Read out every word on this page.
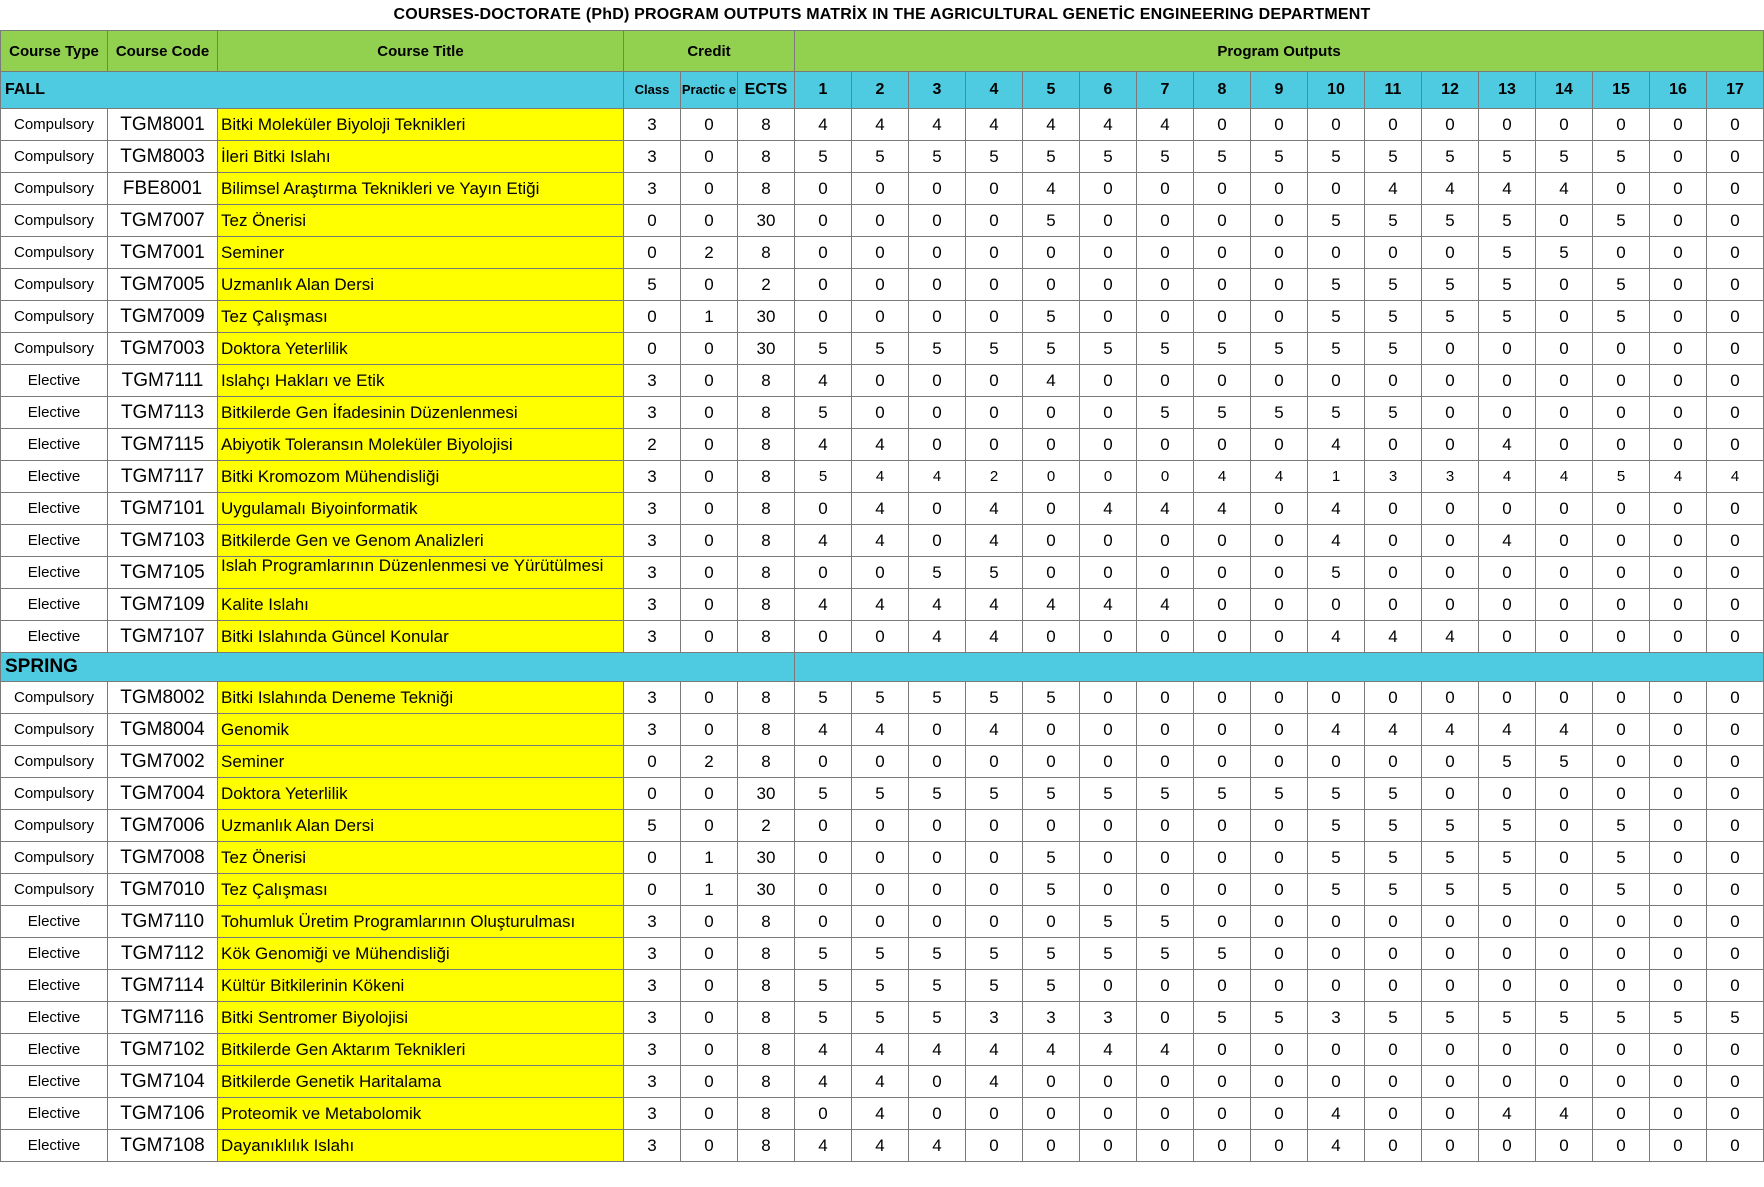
COURSES-DOCTORATE (PhD) PROGRAM OUTPUTS MATRİX IN THE AGRICULTURAL GENETİC ENGINEERING DEPARTMENT
Course Type	Course Code	Course Title	Credit			Program Outputs																
FALL			Class	Practic e	ECTS	1	2	3	4	5	6	7	8	9	10	11	12	13	14	15	16	17
Compulsory	TGM8001	Bitki Moleküler Biyoloji Teknikleri	3	0	8	4	4	4	4	4	4	4	0	0	0	0	0	0	0	0	0	0
Compulsory	TGM8003	İleri Bitki Islahı	3	0	8	5	5	5	5	5	5	5	5	5	5	5	5	5	5	5	0	0
Compulsory	FBE8001	Bilimsel Araştırma Teknikleri ve Yayın Etiği	3	0	8	0	0	0	0	4	0	0	0	0	0	4	4	4	4	0	0	0
Compulsory	TGM7007	Tez Önerisi	0	0	30	0	0	0	0	5	0	0	0	0	5	5	5	5	0	5	0	0
Compulsory	TGM7001	Seminer	0	2	8	0	0	0	0	0	0	0	0	0	0	0	0	5	5	0	0	0
Compulsory	TGM7005	Uzmanlık Alan Dersi	5	0	2	0	0	0	0	0	0	0	0	0	5	5	5	5	0	5	0	0
Compulsory	TGM7009	Tez Çalışması	0	1	30	0	0	0	0	5	0	0	0	0	5	5	5	5	0	5	0	0
Compulsory	TGM7003	Doktora Yeterlilik	0	0	30	5	5	5	5	5	5	5	5	5	5	5	0	0	0	0	0	0
Elective	TGM7111	Islahçı Hakları ve Etik	3	0	8	4	0	0	0	4	0	0	0	0	0	0	0	0	0	0	0	0
Elective	TGM7113	Bitkilerde Gen İfadesinin Düzenlenmesi	3	0	8	5	0	0	0	0	0	5	5	5	5	5	0	0	0	0	0	0
Elective	TGM7115	Abiyotik Toleransın Moleküler Biyolojisi	2	0	8	4	4	0	0	0	0	0	0	0	4	0	0	4	0	0	0	0
Elective	TGM7117	Bitki Kromozom Mühendisliği	3	0	8	5	4	4	2	0	0	0	4	4	1	3	3	4	4	5	4	4
Elective	TGM7101	Uygulamalı Biyoinformatik	3	0	8	0	4	0	4	0	4	4	4	0	4	0	0	0	0	0	0	0
Elective	TGM7103	Bitkilerde Gen ve Genom Analizleri	3	0	8	4	4	0	4	0	0	0	0	0	4	0	0	4	0	0	0	0
Elective	TGM7105	Islah Programlarının Düzenlenmesi ve Yürütülmesi	3	0	8	0	0	5	5	0	0	0	0	0	5	0	0	0	0	0	0	0
Elective	TGM7109	Kalite Islahı	3	0	8	4	4	4	4	4	4	4	0	0	0	0	0	0	0	0	0	0
Elective	TGM7107	Bitki Islahında Güncel Konular	3	0	8	0	0	4	4	0	0	0	0	0	4	4	4	0	0	0	0	0
SPRING																						
Compulsory	TGM8002	Bitki Islahında Deneme Tekniği	3	0	8	5	5	5	5	5	0	0	0	0	0	0	0	0	0	0	0	0
Compulsory	TGM8004	Genomik	3	0	8	4	4	0	4	0	0	0	0	0	4	4	4	4	4	0	0	0
Compulsory	TGM7002	Seminer	0	2	8	0	0	0	0	0	0	0	0	0	0	0	0	5	5	0	0	0
Compulsory	TGM7004	Doktora Yeterlilik	0	0	30	5	5	5	5	5	5	5	5	5	5	5	0	0	0	0	0	0
Compulsory	TGM7006	Uzmanlık Alan Dersi	5	0	2	0	0	0	0	0	0	0	0	0	5	5	5	5	0	5	0	0
Compulsory	TGM7008	Tez Önerisi	0	1	30	0	0	0	0	5	0	0	0	0	5	5	5	5	0	5	0	0
Compulsory	TGM7010	Tez Çalışması	0	1	30	0	0	0	0	5	0	0	0	0	5	5	5	5	0	5	0	0
Elective	TGM7110	Tohumluk Üretim Programlarının Oluşturulması	3	0	8	0	0	0	0	0	5	5	0	0	0	0	0	0	0	0	0	0
Elective	TGM7112	Kök Genomiği ve Mühendisliği	3	0	8	5	5	5	5	5	5	5	5	0	0	0	0	0	0	0	0	0
Elective	TGM7114	Kültür Bitkilerinin Kökeni	3	0	8	5	5	5	5	5	0	0	0	0	0	0	0	0	0	0	0	0
Elective	TGM7116	Bitki Sentromer Biyolojisi	3	0	8	5	5	5	3	3	3	0	5	5	3	5	5	5	5	5	5	5
Elective	TGM7102	Bitkilerde Gen Aktarım Teknikleri	3	0	8	4	4	4	4	4	4	4	0	0	0	0	0	0	0	0	0	0
Elective	TGM7104	Bitkilerde Genetik Haritalama	3	0	8	4	4	0	4	0	0	0	0	0	0	0	0	0	0	0	0	0
Elective	TGM7106	Proteomik ve Metabolomik	3	0	8	0	4	0	0	0	0	0	0	0	4	0	0	4	4	0	0	0
Elective	TGM7108	Dayanıklılık Islahı	3	0	8	4	4	4	0	0	0	0	0	0	4	0	0	0	0	0	0	0
